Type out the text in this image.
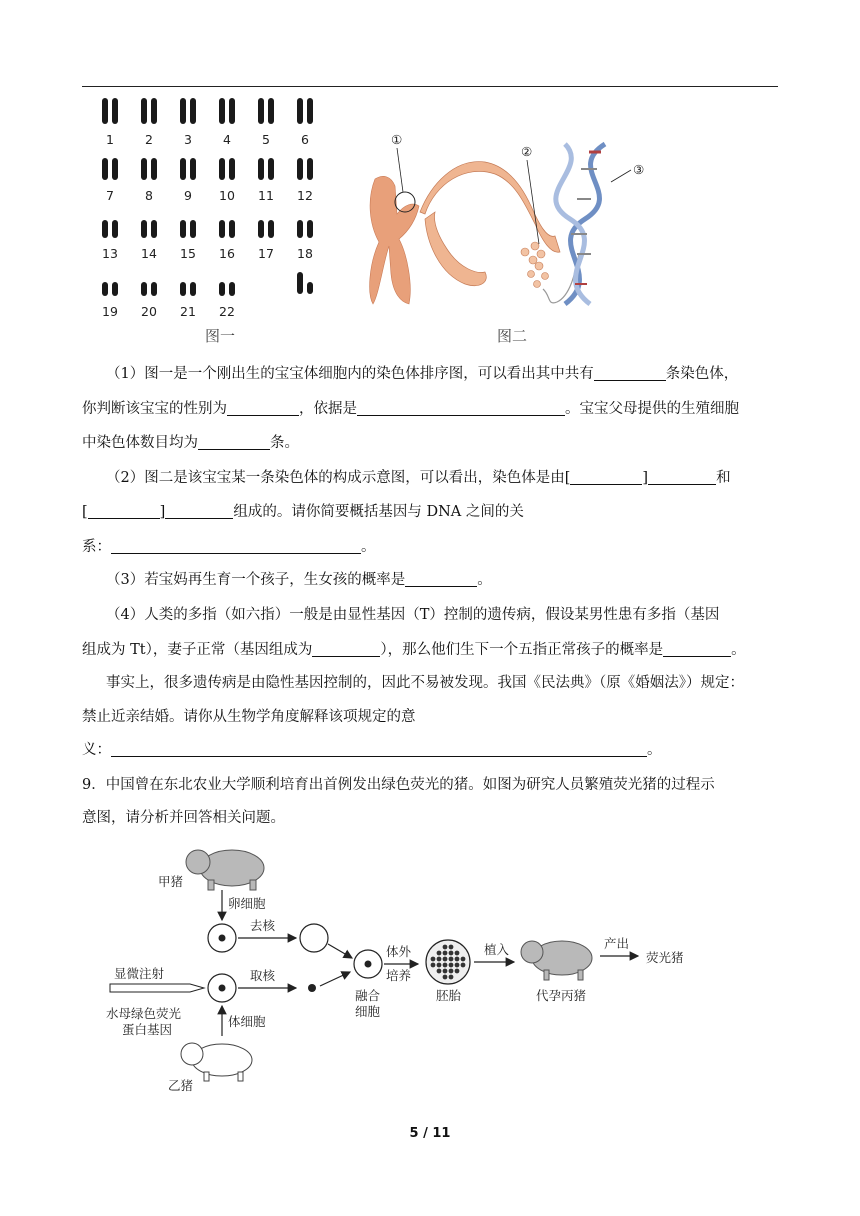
1 2 3 4 5 6
7 8 9 10 11 12
13 14 15 16 17 18
19 20 21 22
图一
①
②
③
图二
（1）图一是一个刚出生的宝宝体细胞内的染色体排序图，可以看出其中共有	条染色体，
你判断该宝宝的性别为	，依据是	。宝宝父母提供的生殖细胞
中染色体数目均为	条。
（2）图二是该宝宝某一条染色体的构成示意图，可以看出，染色体是由[	]	和
[	]	组成的。请你简要概括基因与 DNA 之间的关
系：	。
（3）若宝妈再生育一个孩子，生女孩的概率是	。
（4）人类的多指（如六指）一般是由显性基因（T）控制的遗传病，假设某男性患有多指（基因
组成为 Tt），妻子正常（基因组成为	），那么他们生下一个五指正常孩子的概率是	。
事实上，很多遗传病是由隐性基因控制的，因此不易被发现。我国《民法典》（原《婚姻法》）规定：
禁止近亲结婚。请你从生物学角度解释该项规定的意
义：	。
9．中国曾在东北农业大学顺利培育出首例发出绿色荧光的猪。如图为研究人员繁殖荧光猪的过程示
意图，请分析并回答相关问题。
甲猪
卵细胞
去核
显微注射
水母绿色荧光
蛋白基因
取核
体细胞
乙猪
融合
细胞
体外
培养
胚胎
植入
代孕丙猪
产出
荧光猪
5 / 11
